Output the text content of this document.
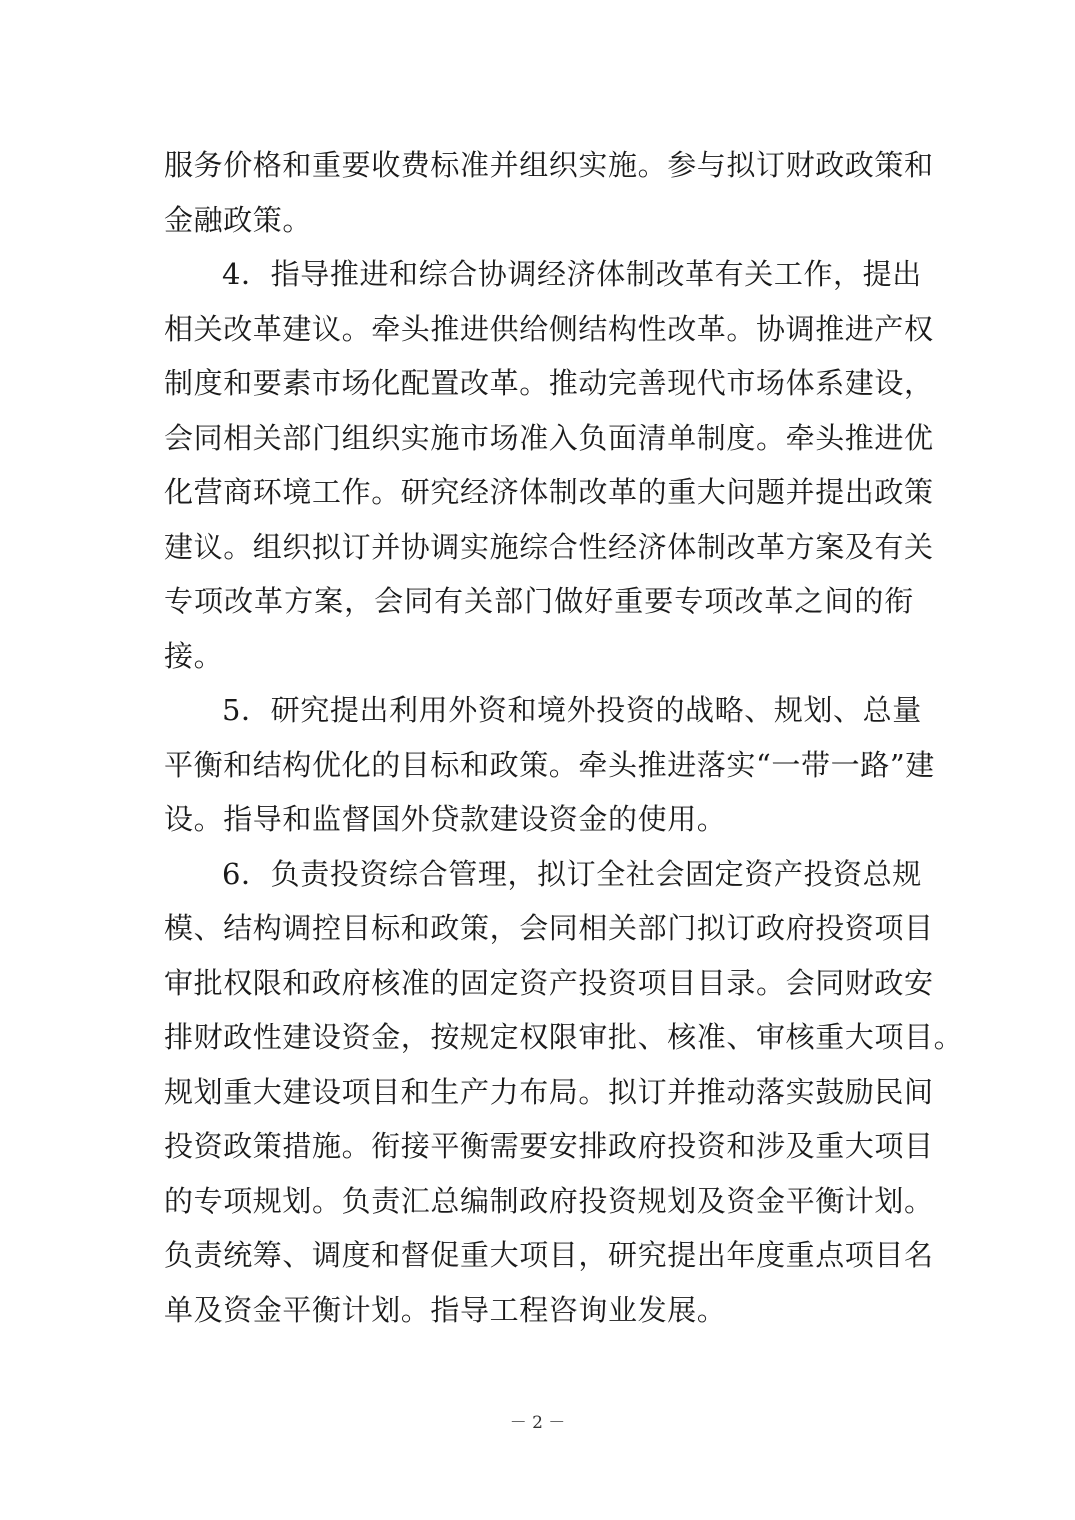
服务价格和重要收费标准并组织实施。参与拟订财政政策和
金融政策。
4．指导推进和综合协调经济体制改革有关工作，提出
相关改革建议。牵头推进供给侧结构性改革。协调推进产权
制度和要素市场化配置改革。推动完善现代市场体系建设，
会同相关部门组织实施市场准入负面清单制度。牵头推进优
化营商环境工作。研究经济体制改革的重大问题并提出政策
建议。组织拟订并协调实施综合性经济体制改革方案及有关
专项改革方案，会同有关部门做好重要专项改革之间的衔
接。
5．研究提出利用外资和境外投资的战略、规划、总量
平衡和结构优化的目标和政策。牵头推进落实“一带一路”建
设。指导和监督国外贷款建设资金的使用。
6．负责投资综合管理，拟订全社会固定资产投资总规
模、结构调控目标和政策，会同相关部门拟订政府投资项目
审批权限和政府核准的固定资产投资项目目录。会同财政安
排财政性建设资金，按规定权限审批、核准、审核重大项目。
规划重大建设项目和生产力布局。拟订并推动落实鼓励民间
投资政策措施。衔接平衡需要安排政府投资和涉及重大项目
的专项规划。负责汇总编制政府投资规划及资金平衡计划。
负责统筹、调度和督促重大项目，研究提出年度重点项目名
单及资金平衡计划。指导工程咨询业发展。
－ 2 －
